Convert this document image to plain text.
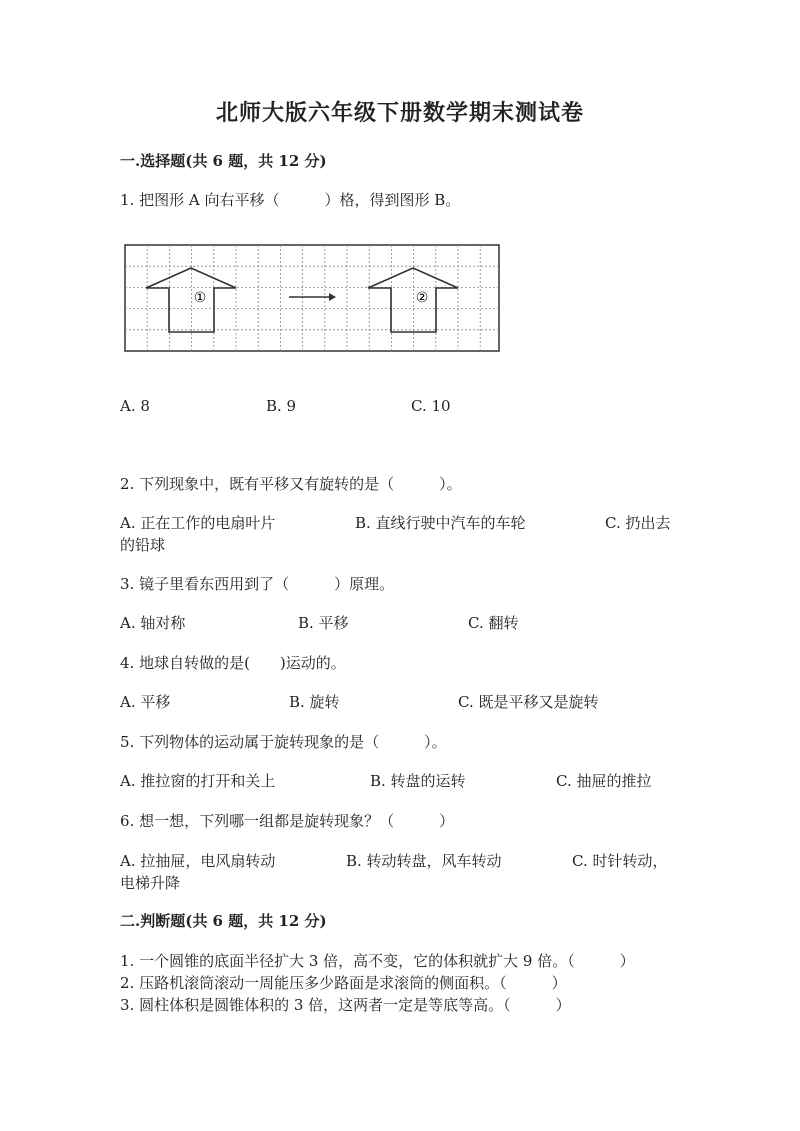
北师大版六年级下册数学期末测试卷
一.选择题(共 6 题，共 12 分)
1. 把图形 A 向右平移（　　　）格，得到图形 B。
①	②
A. 8	B. 9	C. 10
2. 下列现象中，既有平移又有旋转的是（　　　）。
A. 正在工作的电扇叶片	B. 直线行驶中汽车的车轮	C. 扔出去
的铅球
3. 镜子里看东西用到了（　　　）原理。
A. 轴对称	B. 平移	C. 翻转
4. 地球自转做的是(　　)运动的。
A. 平移	B. 旋转	C. 既是平移又是旋转
5. 下列物体的运动属于旋转现象的是（　　　）。
A. 推拉窗的打开和关上	B. 转盘的运转	C. 抽屉的推拉
6. 想一想，下列哪一组都是旋转现象？（　　　）
A. 拉抽屉，电风扇转动	B. 转动转盘，风车转动	C. 时针转动，
电梯升降
二.判断题(共 6 题，共 12 分)
1. 一个圆锥的底面半径扩大 3 倍，高不变，它的体积就扩大 9 倍。（　　　）
2. 压路机滚筒滚动一周能压多少路面是求滚筒的侧面积。（　　　）
3. 圆柱体积是圆锥体积的 3 倍，这两者一定是等底等高。（　　　）
